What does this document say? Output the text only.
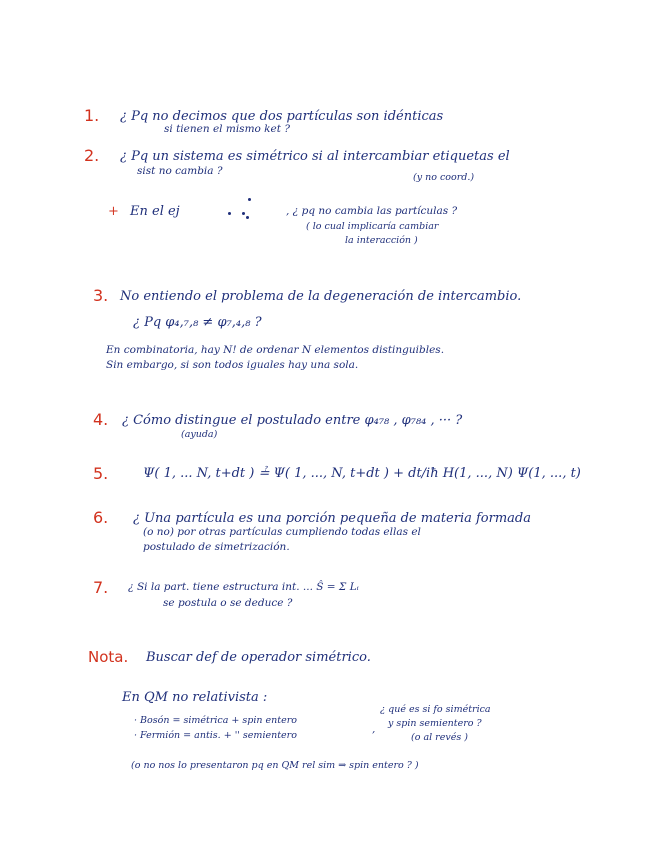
1. ¿ Pq no decimos que dos partículas son idénticas
si tienen el mismo ket ?
2. ¿ Pq un sistema es simétrico si al intercambiar etiquetas el
sist no cambia ?
(y no coord.)
+ En el ej	, ¿ pq no cambia las partículas ?
( lo cual implicaría cambiar
la interacción )
3. No entiendo el problema de la degeneración de intercambio.
¿ Pq φ₄,₇,₈ ≠ φ₇,₄,₈ ?
En combinatoria, hay N! de ordenar N elementos distinguibles.
Sin embargo, si son todos iguales hay una sola.
4. ¿ Cómo distingue el postulado entre φ₄₇₈ , φ₇₈₄ , ··· ?
(ayuda)
5.	Ψ( 1, ... N, t+dt ) ≟ Ψ( 1, ..., N, t+dt ) + dt/iħ H(1, ..., N) Ψ(1, ..., t)
6. ¿ Una partícula es una porción pequeña de materia formada
(o no) por otras partículas cumpliendo todas ellas el
postulado de simetrización.
7. ¿ Si la part. tiene estructura int. ... Ŝ = Σ Lᵢ
se postula o se deduce ?
Nota. Buscar def de operador simétrico.
En QM no relativista :
· Bosón = simétrica + spin entero
· Fermión = antis. + '' semientero
,
¿ qué es si fo simétrica
y spin semientero ?
(o al revés )
(o no nos lo presentaron pq en QM rel sim ⇒ spin entero ? )
